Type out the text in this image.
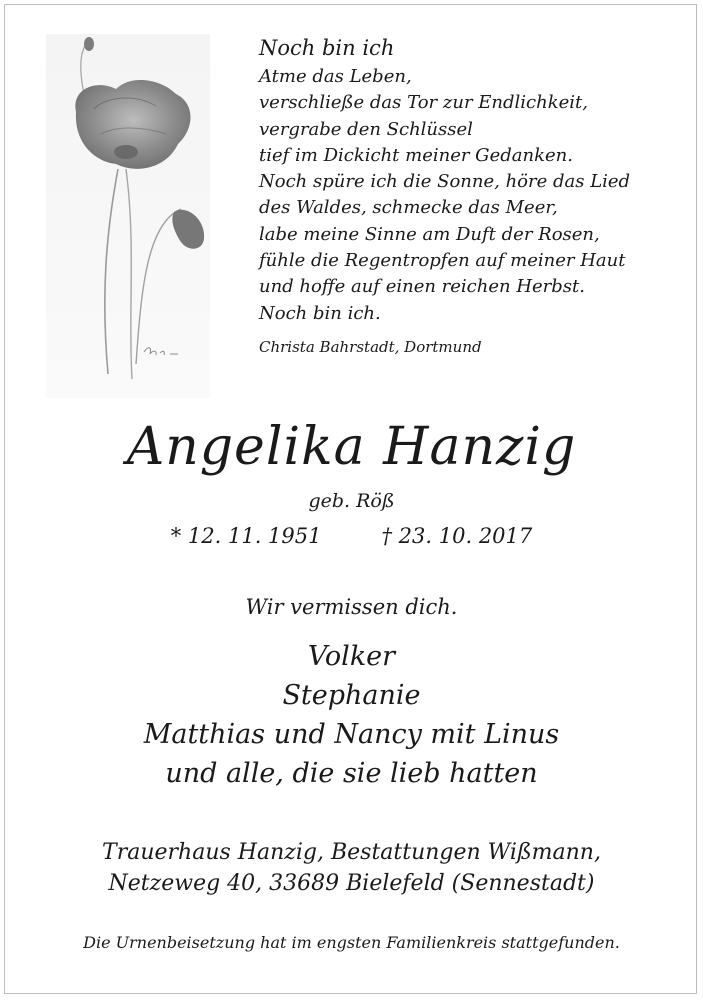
Noch bin ich
Atme das Leben,
verschließe das Tor zur Endlichkeit,
vergrabe den Schlüssel
tief im Dickicht meiner Gedanken.
Noch spüre ich die Sonne, höre das Lied
des Waldes, schmecke das Meer,
labe meine Sinne am Duft der Rosen,
fühle die Regentropfen auf meiner Haut
und hoffe auf einen reichen Herbst.
Noch bin ich.
Christa Bahrstadt, Dortmund
Angelika Hanzig
geb. Röß
* 12. 11. 1951	† 23. 10. 2017
Wir vermissen dich.
Volker
Stephanie
Matthias und Nancy mit Linus
und alle, die sie lieb hatten
Trauerhaus Hanzig, Bestattungen Wißmann,
Netzeweg 40, 33689 Bielefeld (Sennestadt)
Die Urnenbeisetzung hat im engsten Familienkreis stattgefunden.
